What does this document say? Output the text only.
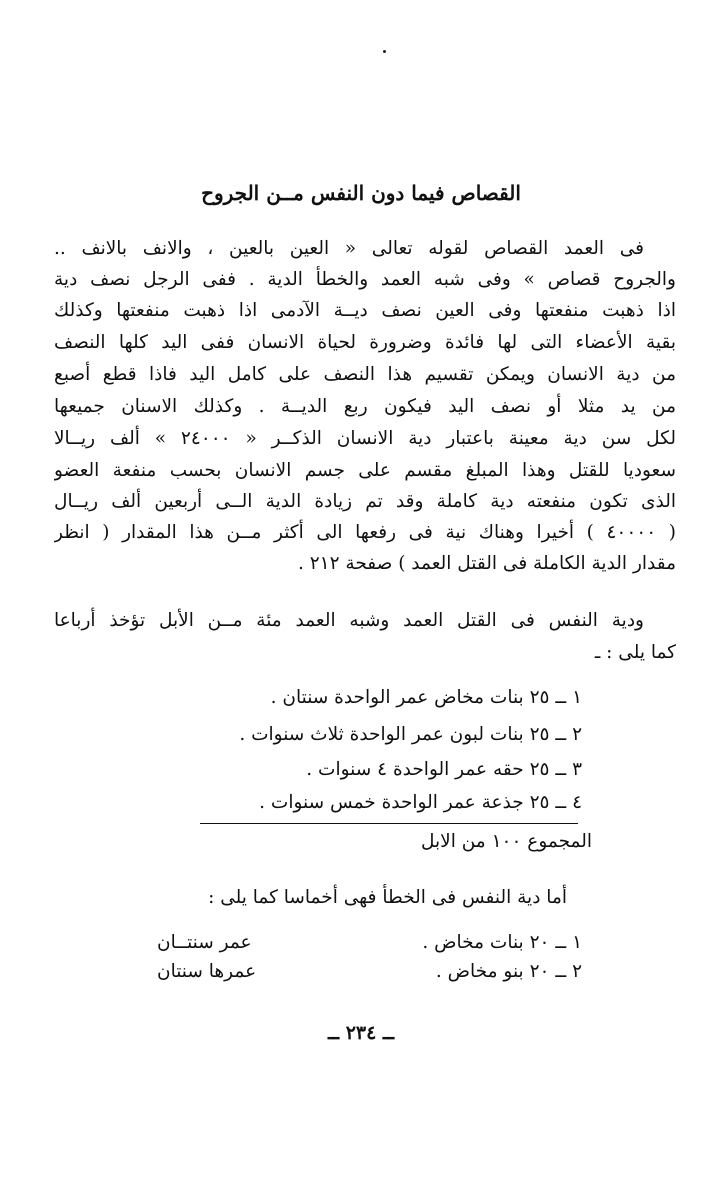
القصاص فيما دون النفس مــن الجروح
فى العمد القصاص لقوله تعالى « العين بالعين ، والانف بالانف ..
والجروح قصاص » وفى شبه العمد والخطأ الدية . ففى الرجل نصف دية
اذا ذهبت منفعتها وفى العين نصف ديــة الآدمى اذا ذهبت منفعتها وكذلك
بقية الأعضاء التى لها فائدة وضرورة لحياة الانسان ففى اليد كلها النصف
من دية الانسان ويمكن تقسيم هذا النصف على كامل اليد فاذا قطع أصبع
من يد مثلا أو نصف اليد فيكون ربع الديــة . وكذلك الاسنان جميعها
لكل سن دية معينة باعتبار دية الانسان الذكــر « ٢٤٠٠٠ » ألف ريــالا
سعوديا للقتل وهذا المبلغ مقسم على جسم الانسان بحسب منفعة العضو
الذى تكون منفعته دية كاملة وقد تم زيادة الدية الــى أربعين ألف ريــال
( ٤٠٠٠٠ ) أخيرا وهناك نية فى رفعها الى أكثر مــن هذا المقدار ( انظر
مقدار الدية الكاملة فى القتل العمد ) صفحة ٢١٢ .
ودية النفس فى القتل العمد وشبه العمد مئة مــن الأبل تؤخذ أرباعا
كما يلى : ـ
١ ــ ٢٥ بنات مخاض عمر الواحدة سنتان .
٢ ــ ٢٥ بنات لبون عمر الواحدة ثلاث سنوات .
٣ ــ ٢٥ حقه عمر الواحدة ٤ سنوات .
٤ ــ ٢٥ جذعة عمر الواحدة خمس سنوات .
المجموع ١٠٠ من الابل
أما دية النفس فى الخطأ فهى أخماسا كما يلى :
١ ــ ٢٠ بنات مخاض .
عمر سنتــان
٢ ــ ٢٠ بنو مخاض .
عمرها سنتان
ــ ٢٣٤ ــ
